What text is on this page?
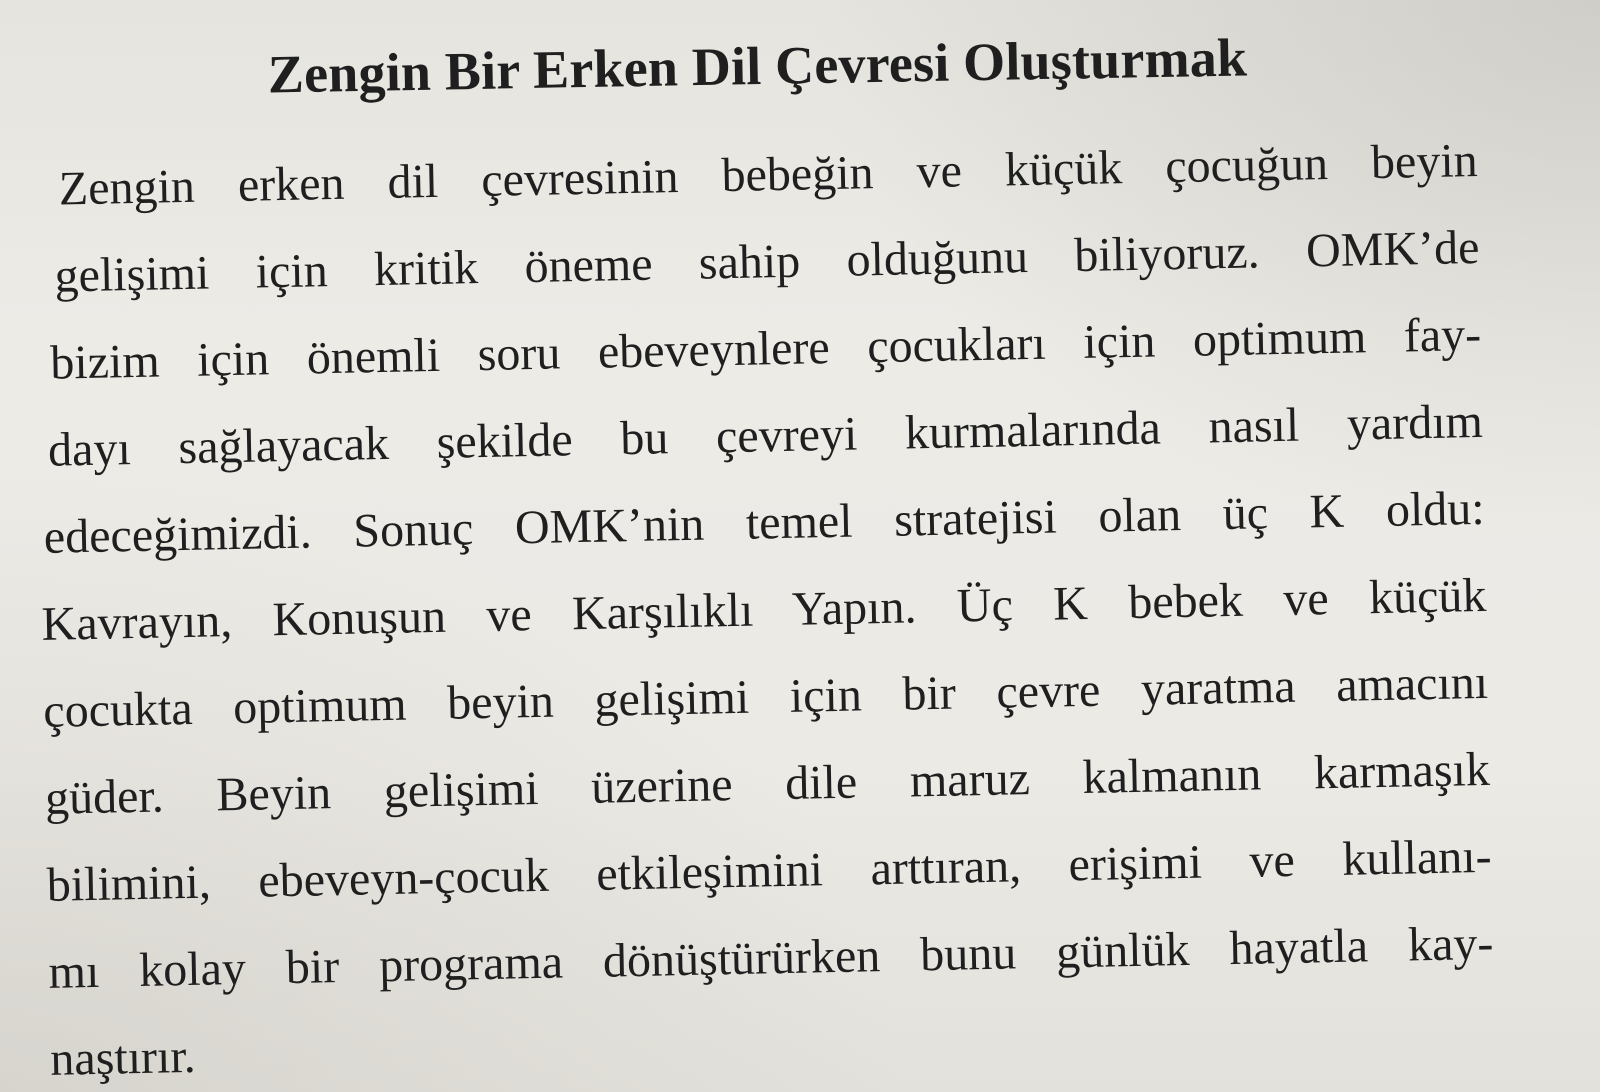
Zengin Bir Erken Dil Çevresi Oluşturmak
Zengin erken dil çevresinin bebeğin ve küçük çocuğun beyin
gelişimi için kritik öneme sahip olduğunu biliyoruz. OMK’de
bizim için önemli soru ebeveynlere çocukları için optimum fay-
dayı sağlayacak şekilde bu çevreyi kurmalarında nasıl yardım
edeceğimizdi. Sonuç OMK’nin temel stratejisi olan üç K oldu:
Kavrayın, Konuşun ve Karşılıklı Yapın. Üç K bebek ve küçük
çocukta optimum beyin gelişimi için bir çevre yaratma amacını
güder. Beyin gelişimi üzerine dile maruz kalmanın karmaşık
bilimini, ebeveyn-çocuk etkileşimini arttıran, erişimi ve kullanı-
mı kolay bir programa dönüştürürken bunu günlük hayatla kay-
naştırır.
